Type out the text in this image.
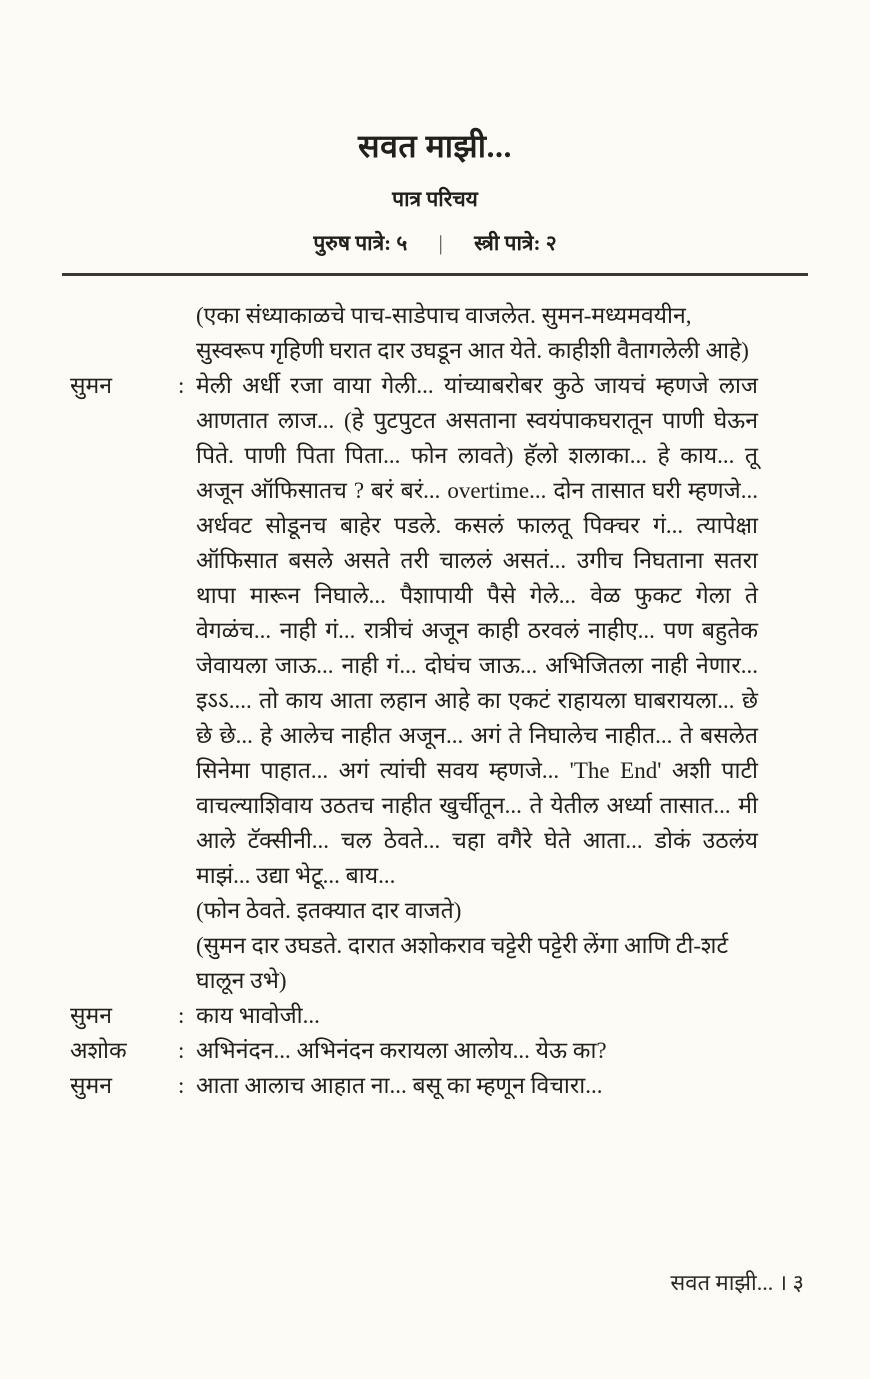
सवत माझी...
पात्र परिचय
पुरुष पात्रे: ५ | स्त्री पात्रे: २
(एका संध्याकाळचे पाच-साडेपाच वाजलेत. सुमन-मध्यमवयीन, सुस्वरूप गृहिणी घरात दार उघडून आत येते. काहीशी वैतागलेली आहे)
सुमन	: मेली अर्धी रजा वाया गेली... यांच्याबरोबर कुठे जायचं म्हणजे लाज आणतात लाज... (हे पुटपुटत असताना स्वयंपाकघरातून पाणी घेऊन पिते. पाणी पिता पिता... फोन लावते) हॅलो शलाका... हे काय... तू अजून ऑफिसातच ? बरं बरं... overtime... दोन तासात घरी म्हणजे... अर्धवट सोडूनच बाहेर पडले. कसलं फालतू पिक्चर गं... त्यापेक्षा ऑफिसात बसले असते तरी चाललं असतं... उगीच निघताना सतरा थापा मारून निघाले... पैशापायी पैसे गेले... वेळ फुकट गेला ते वेगळंच... नाही गं... रात्रीचं अजून काही ठरवलं नाहीए... पण बहुतेक जेवायला जाऊ... नाही गं... दोघंच जाऊ... अभिजितला नाही नेणार... इऽऽ.... तो काय आता लहान आहे का एकटं राहायला घाबरायला... छे छे छे... हे आलेच नाहीत अजून... अगं ते निघालेच नाहीत... ते बसलेत सिनेमा पाहात... अगं त्यांची सवय म्हणजे... 'The End' अशी पाटी वाचल्याशिवाय उठतच नाहीत खुर्चीतून... ते येतील अर्ध्या तासात... मी आले टॅक्सीनी... चल ठेवते... चहा वगैरे घेते आता... डोकं उठलंय माझं... उद्या भेटू... बाय...
(फोन ठेवते. इतक्यात दार वाजते)
(सुमन दार उघडते. दारात अशोकराव चट्टेरी पट्टेरी लेंगा आणि टी-शर्ट घालून उभे)
सुमन	: काय भावोजी...
अशोक	: अभिनंदन... अभिनंदन करायला आलोय... येऊ का?
सुमन	: आता आलाच आहात ना... बसू का म्हणून विचारा...
सवत माझी... । ३
